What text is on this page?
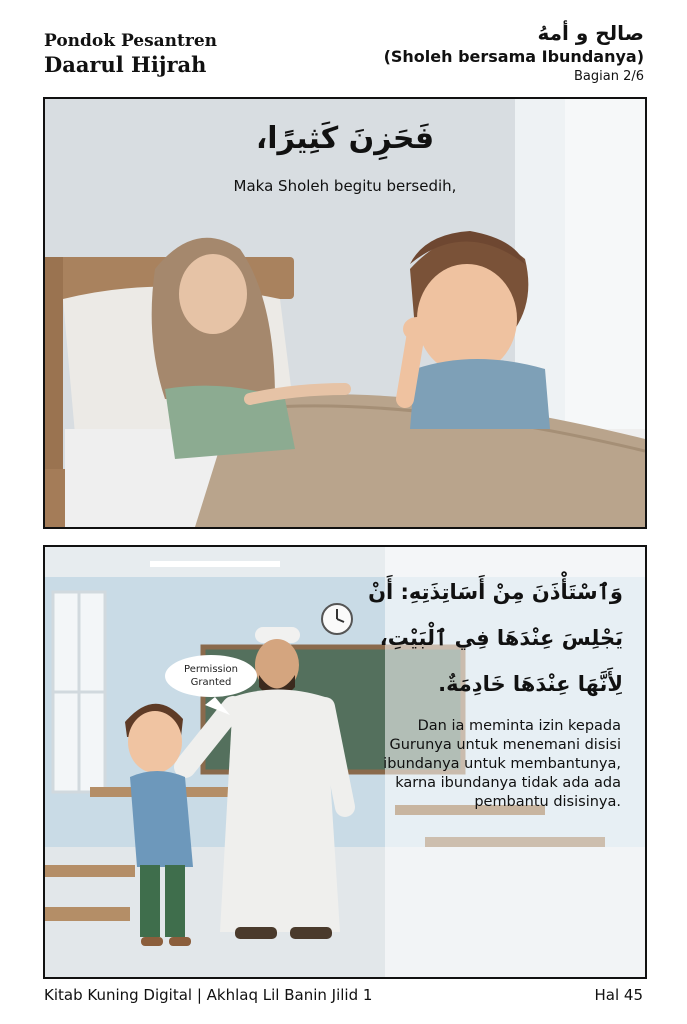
Pondok Pesantren
Daarul Hijrah
صالح و أمهُ
(Sholeh bersama Ibundanya)
Bagian 2/6
فَحَزِنَ كَثِيرًا،
Maka Sholeh begitu bersedih,
Permission
Granted
وَٱسْتَأْذَنَ مِنْ أَسَاتِذَتِهِ: أَنْ
يَجْلِسَ عِنْدَهَا فِي ٱلْبَيْتِ،
لِأَنَّهَا عِنْدَهَا خَادِمَةٌ.
Dan ia meminta izin kepada Gurunya untuk menemani disisi ibundanya untuk membantunya, karna ibundanya tidak ada ada pembantu disisinya.
Kitab Kuning Digital | Akhlaq Lil Banin Jilid 1	Hal 45
